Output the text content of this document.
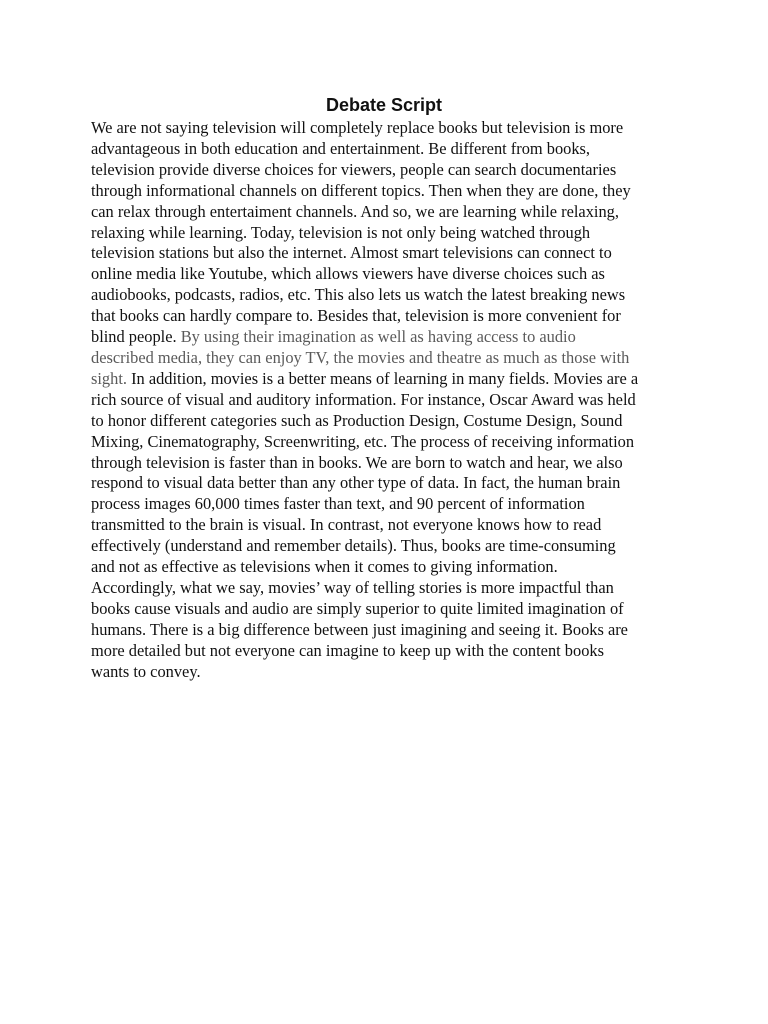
Debate Script
We are not saying television will completely replace books but television is more
advantageous in both education and entertainment. Be different from books,
television provide diverse choices for viewers, people can search documentaries
through informational channels on different topics. Then when they are done, they
can relax through entertaiment channels. And so, we are learning while relaxing,
relaxing while learning. Today, television is not only being watched through
television stations but also the internet. Almost smart televisions can connect to
online media like Youtube, which allows viewers have diverse choices such as
audiobooks, podcasts, radios, etc. This also lets us watch the latest breaking news
that books can hardly compare to. Besides that, television is more convenient for
blind people. By using their imagination as well as having access to audio
described media, they can enjoy TV, the movies and theatre as much as those with
sight. In addition, movies is a better means of learning in many fields. Movies are a
rich source of visual and auditory information. For instance, Oscar Award was held
to honor different categories such as Production Design, Costume Design, Sound
Mixing, Cinematography, Screenwriting, etc. The process of receiving information
through television is faster than in books. We are born to watch and hear, we also
respond to visual data better than any other type of data. In fact, the human brain
process images 60,000 times faster than text, and 90 percent of information
transmitted to the brain is visual. In contrast, not everyone knows how to read
effectively (understand and remember details). Thus, books are time-consuming
and not as effective as televisions when it comes to giving information.
Accordingly, what we say, movies’ way of telling stories is more impactful than
books cause visuals and audio are simply superior to quite limited imagination of
humans. There is a big difference between just imagining and seeing it. Books are
more detailed but not everyone can imagine to keep up with the content books
wants to convey.
